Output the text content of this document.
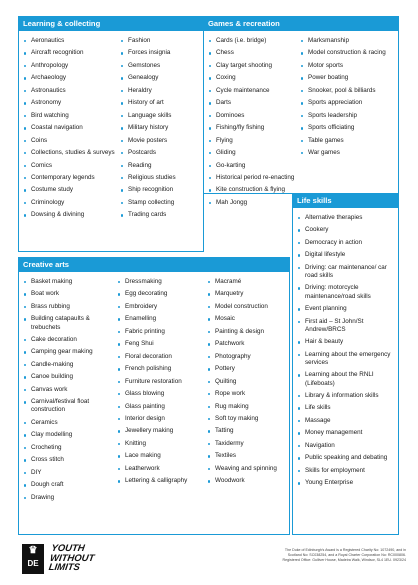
Learning & collecting
Aeronautics
Aircraft recognition
Anthropology
Archaeology
Astronautics
Astronomy
Bird watching
Coastal navigation
Coins
Collections, studies & surveys
Comics
Contemporary legends
Costume study
Criminology
Dowsing & divining
Fashion
Forces insignia
Gemstones
Genealogy
Heraldry
History of art
Language skills
Military history
Movie posters
Postcards
Reading
Religious studies
Ship recognition
Stamp collecting
Trading cards
Games & recreation
Cards (i.e. bridge)
Chess
Clay target shooting
Coxing
Cycle maintenance
Darts
Dominoes
Fishing/fly fishing
Flying
Gliding
Go-karting
Historical period re-enacting
Kite construction & flying
Mah Jongg
Marksmanship
Model construction & racing
Motor sports
Power boating
Snooker, pool & billiards
Sports appreciation
Sports leadership
Sports officiating
Table games
War games
Life skills
Alternative therapies
Cookery
Democracy in action
Digital lifestyle
Driving: car maintenance/ car road skills
Driving: motorcycle maintenance/road skills
Event planning
First aid – St John/St Andrew/BRCS
Hair & beauty
Learning about the emergency services
Learning about the RNLI (Lifeboats)
Library & information skills
Life skills
Massage
Money management
Navigation
Public speaking and debating
Skills for employment
Young Enterprise
Creative arts
Basket making
Boat work
Brass rubbing
Building catapaults & trebuchets
Cake decoration
Camping gear making
Candle-making
Canoe building
Canvas work
Carnival/festival float construction
Ceramics
Clay modelling
Crocheting
Cross stitch
DIY
Dough craft
Drawing
Dressmaking
Egg decorating
Embroidery
Enamelling
Fabric printing
Feng Shui
Floral decoration
French polishing
Furniture restoration
Glass blowing
Glass painting
Interior design
Jewellery making
Knitting
Lace making
Leatherwork
Lettering & calligraphy
Macramé
Marquetry
Model construction
Mosaic
Painting & design
Patchwork
Photography
Pottery
Quilting
Rope work
Rug making
Soft toy making
Tatting
Taxidermy
Textiles
Weaving and spinning
Woodwork
♛
DE
YOUTH
WITHOUT
LIMITS
The Duke of Edinburgh's Award is a Registered Charity No: 1072490, and in
Scotland No: SC038254, and a Royal Charter Corporation No: RC000806.
Registered Office: Gulliver House, Madeira Walk, Windsor, SL4 1EU. 0923/24
